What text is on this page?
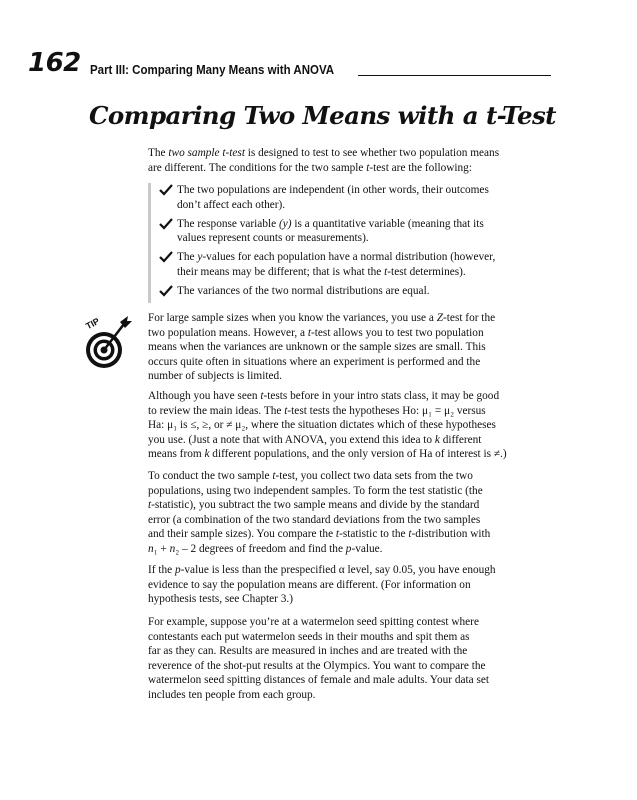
162 Part III: Comparing Many Means with ANOVA
Comparing Two Means with a t-Test
The two sample t-test is designed to test to see whether two population means
are different. The conditions for the two sample t-test are the following:
The two populations are independent (in other words, their outcomes
don’t affect each other).
The response variable (y) is a quantitative variable (meaning that its
values represent counts or measurements).
The y-values for each population have a normal distribution (however,
their means may be different; that is what the t-test determines).
The variances of the two normal distributions are equal.
TIP	For large sample sizes when you know the variances, you use a Z-test for the
two population means. However, a t-test allows you to test two population
means when the variances are unknown or the sample sizes are small. This
occurs quite often in situations where an experiment is performed and the
number of subjects is limited.
Although you have seen t-tests before in your intro stats class, it may be good
to review the main ideas. The t-test tests the hypotheses Ho: μ₁ = μ₂ versus
Ha: μ₁ is ≤, ≥, or ≠ μ₂, where the situation dictates which of these hypotheses
you use. (Just a note that with ANOVA, you extend this idea to k different
means from k different populations, and the only version of Ha of interest is ≠.)
To conduct the two sample t-test, you collect two data sets from the two
populations, using two independent samples. To form the test statistic (the
t-statistic), you subtract the two sample means and divide by the standard
error (a combination of the two standard deviations from the two samples
and their sample sizes). You compare the t-statistic to the t-distribution with
n₁ + n₂ – 2 degrees of freedom and find the p-value.
If the p-value is less than the prespecified α level, say 0.05, you have enough
evidence to say the population means are different. (For information on
hypothesis tests, see Chapter 3.)
For example, suppose you’re at a watermelon seed spitting contest where
contestants each put watermelon seeds in their mouths and spit them as
far as they can. Results are measured in inches and are treated with the
reverence of the shot-put results at the Olympics. You want to compare the
watermelon seed spitting distances of female and male adults. Your data set
includes ten people from each group.
